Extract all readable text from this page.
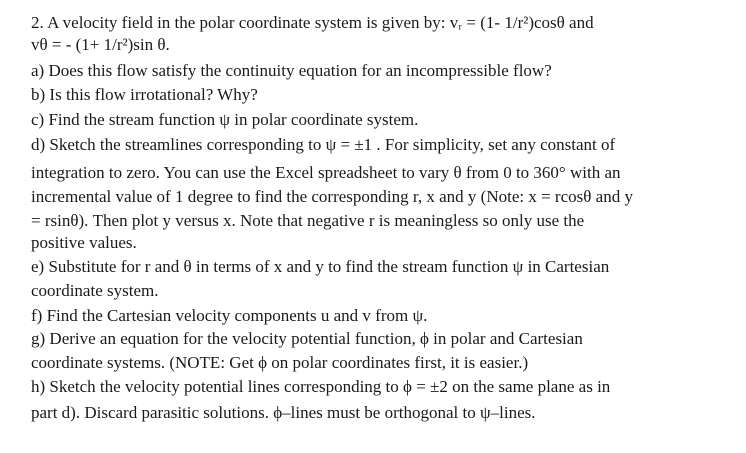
2. A velocity field in the polar coordinate system is given by: vᵣ = (1- 1/r²)cosθ and
vθ = - (1+ 1/r²)sin θ.
a) Does this flow satisfy the continuity equation for an incompressible flow?
b) Is this flow irrotational? Why?
c) Find the stream function ψ in polar coordinate system.
d) Sketch the streamlines corresponding to ψ = ±1 . For simplicity, set any constant of
integration to zero. You can use the Excel spreadsheet to vary θ from 0 to 360° with an
incremental value of 1 degree to find the corresponding r, x and y (Note: x = rcosθ and y
= rsinθ). Then plot y versus x. Note that negative r is meaningless so only use the
positive values.
e) Substitute for r and θ in terms of x and y to find the stream function ψ in Cartesian
coordinate system.
f) Find the Cartesian velocity components u and v from ψ.
g) Derive an equation for the velocity potential function, ϕ in polar and Cartesian
coordinate systems. (NOTE: Get ϕ on polar coordinates first, it is easier.)
h) Sketch the velocity potential lines corresponding to ϕ = ±2 on the same plane as in
part d). Discard parasitic solutions. ϕ–lines must be orthogonal to ψ–lines.
